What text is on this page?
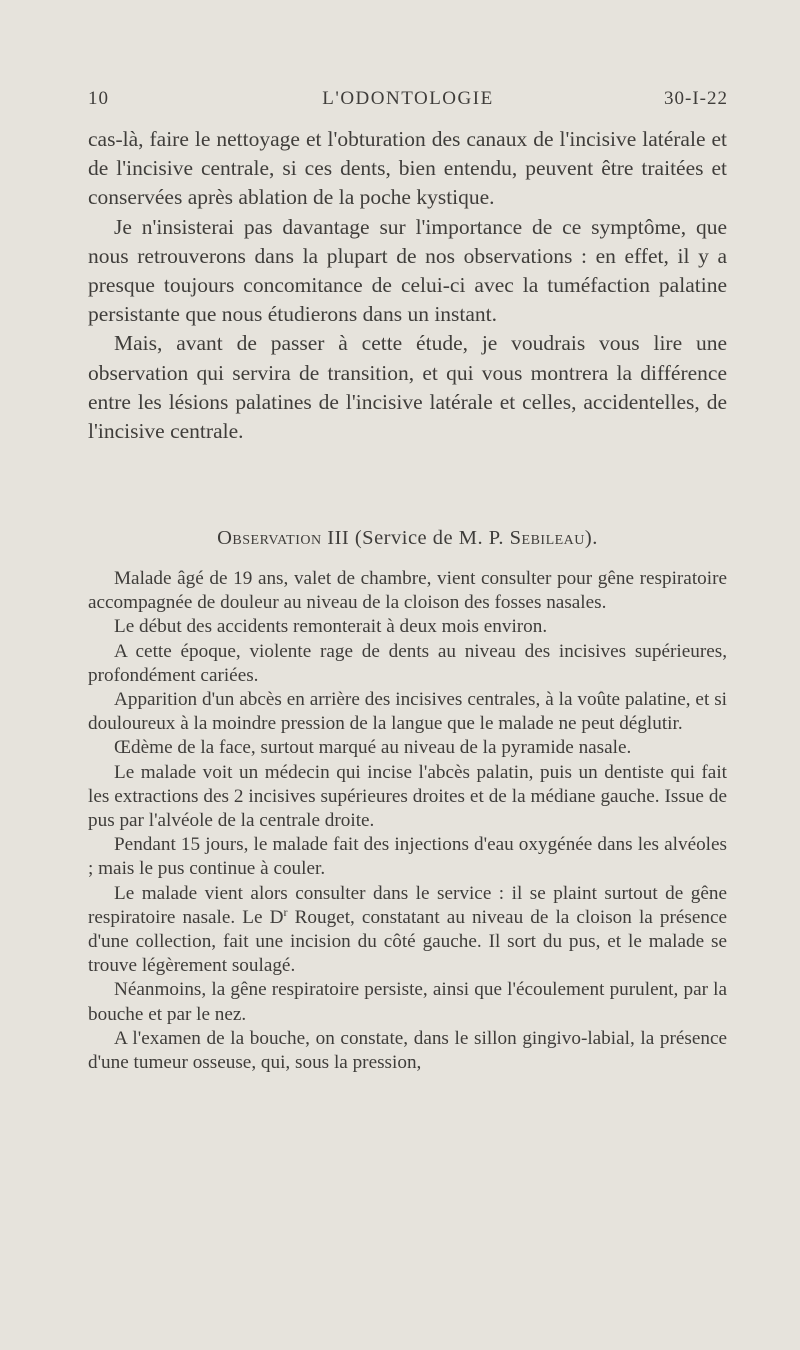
10	L'ODONTOLOGIE	30-I-22

cas-là, faire le nettoyage et l'obturation des canaux de l'incisive latérale et de l'incisive centrale, si ces dents, bien entendu, peuvent être traitées et conservées après ablation de la poche kystique.

Je n'insisterai pas davantage sur l'importance de ce symptôme, que nous retrouverons dans la plupart de nos observations : en effet, il y a presque toujours concomitance de celui-ci avec la tuméfaction palatine persistante que nous étudierons dans un instant.

Mais, avant de passer à cette étude, je voudrais vous lire une observation qui servira de transition, et qui vous montrera la différence entre les lésions palatines de l'incisive latérale et celles, accidentelles, de l'incisive centrale.

Observation III (Service de M. P. Sebileau).

Malade âgé de 19 ans, valet de chambre, vient consulter pour gêne respiratoire accompagnée de douleur au niveau de la cloison des fosses nasales.

Le début des accidents remonterait à deux mois environ.

A cette époque, violente rage de dents au niveau des incisives supérieures, profondément cariées.

Apparition d'un abcès en arrière des incisives centrales, à la voûte palatine, et si douloureux à la moindre pression de la langue que le malade ne peut déglutir.

Œdème de la face, surtout marqué au niveau de la pyramide nasale.

Le malade voit un médecin qui incise l'abcès palatin, puis un dentiste qui fait les extractions des 2 incisives supérieures droites et de la médiane gauche. Issue de pus par l'alvéole de la centrale droite.

Pendant 15 jours, le malade fait des injections d'eau oxygénée dans les alvéoles ; mais le pus continue à couler.

Le malade vient alors consulter dans le service : il se plaint surtout de gêne respiratoire nasale. Le $D^r$ Rouget, constatant au niveau de la cloison la présence d'une collection, fait une incision du côté gauche. Il sort du pus, et le malade se trouve légèrement soulagé.

Néanmoins, la gêne respiratoire persiste, ainsi que l'écoulement purulent, par la bouche et par le nez.

A l'examen de la bouche, on constate, dans le sillon gingivo-labial, la présence d'une tumeur osseuse, qui, sous la pression,
